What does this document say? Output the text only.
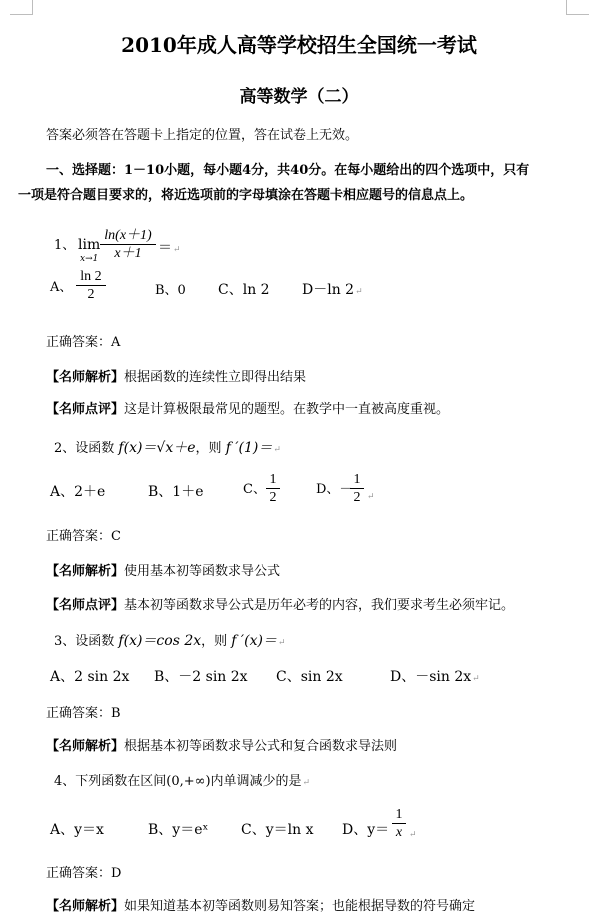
2010年成人高等学校招生全国统一考试
高等数学（二）
答案必须答在答题卡上指定的位置，答在试卷上无效。
一、选择题：1－10小题，每小题4分，共40分。在每小题给出的四个选项中，只有
一项是符合题目要求的，将近选项前的字母填涂在答题卡相应题号的信息点上。
1、 lim
x→1
ln(x＋1)
x＋1	＝↵
A、
ln 2
2	B、0 C、ln 2 D－ln 2↵
正确答案：A
【名师解析】根据函数的连续性立即得出结果
【名师点评】这是计算极限最常见的题型。在教学中一直被高度重视。
2、设函数 f(x)＝√x＋e，则 f ′(1)＝↵
A、2＋e	B、1＋e	C、
1
2
D、－
1
2 ↵
正确答案：C
【名师解析】使用基本初等函数求导公式
【名师点评】基本初等函数求导公式是历年必考的内容，我们要求考生必须牢记。
3、设函数 f(x)＝cos 2x，则 f ′(x)＝↵
A、2 sin 2x B、－2 sin 2x C、sin 2x	D、－sin 2x↵
正确答案：B
【名师解析】根据基本初等函数求导公式和复合函数求导法则
4、下列函数在区间(0,+∞)内单调减少的是↵
A、y＝x	B、y＝eˣ C、y＝ln x D、y＝
1
x ↵
正确答案：D
【名师解析】如果知道基本初等函数则易知答案；也能根据导数的符号确定
